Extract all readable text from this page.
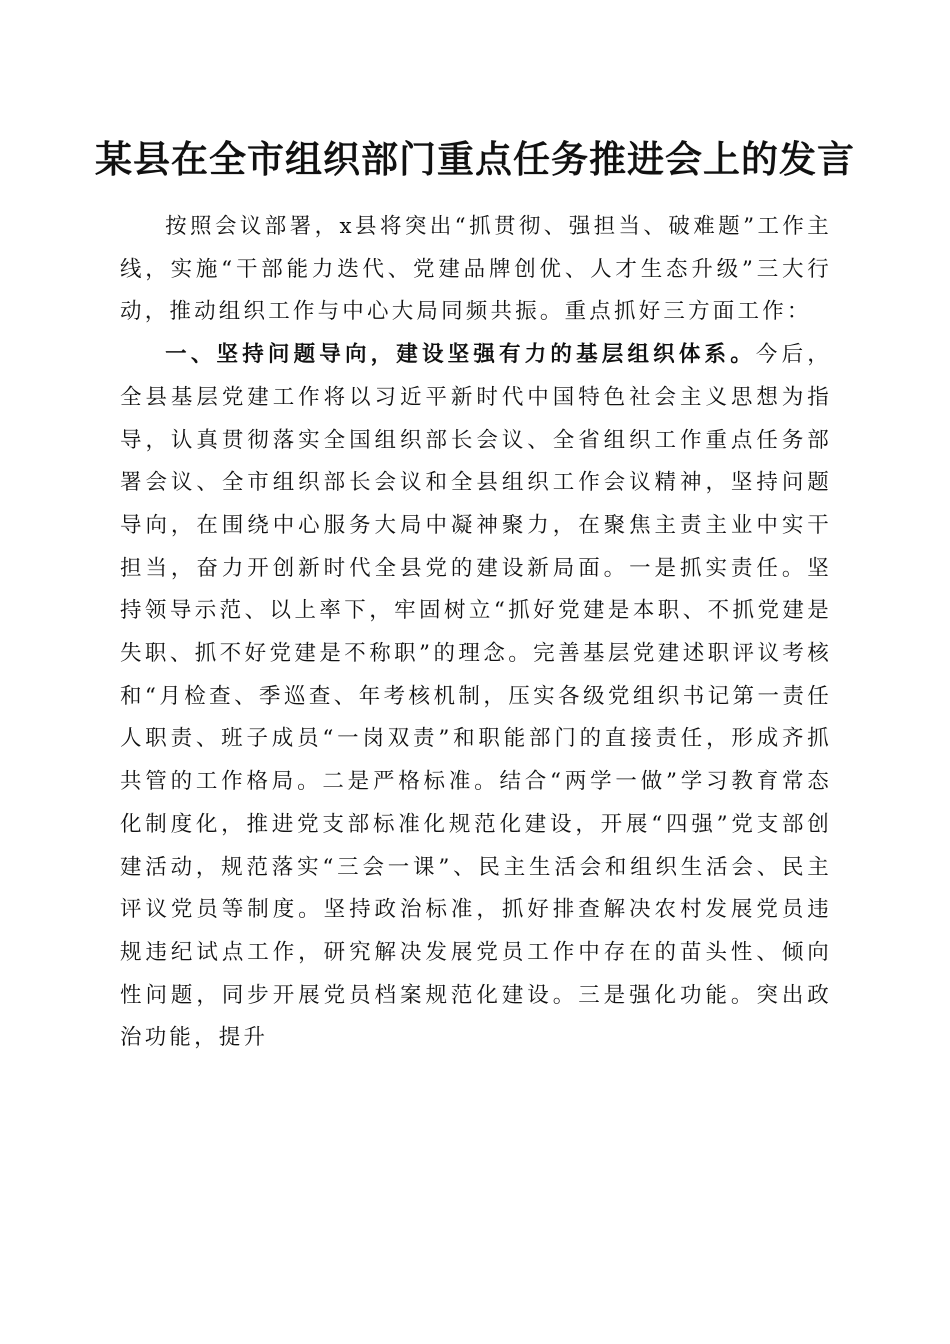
某县在全市组织部门重点任务推进会上的发言

按照会议部署，x县将突出“抓贯彻、强担当、破难题”工作主线，实施“干部能力迭代、党建品牌创优、人才生态升级”三大行动，推动组织工作与中心大局同频共振。重点抓好三方面工作：

一、坚持问题导向，建设坚强有力的基层组织体系。今后，全县基层党建工作将以习近平新时代中国特色社会主义思想为指导，认真贯彻落实全国组织部长会议、全省组织工作重点任务部署会议、全市组织部长会议和全县组织工作会议精神，坚持问题导向，在围绕中心服务大局中凝神聚力，在聚焦主责主业中实干担当，奋力开创新时代全县党的建设新局面。一是抓实责任。坚持领导示范、以上率下，牢固树立“抓好党建是本职、不抓党建是失职、抓不好党建是不称职”的理念。完善基层党建述职评议考核和“月检查、季巡查、年考核机制，压实各级党组织书记第一责任人职责、班子成员“一岗双责”和职能部门的直接责任，形成齐抓共管的工作格局。二是严格标准。结合“两学一做”学习教育常态化制度化，推进党支部标准化规范化建设，开展“四强”党支部创建活动，规范落实“三会一课”、民主生活会和组织生活会、民主评议党员等制度。坚持政治标准，抓好排查解决农村发展党员违规违纪试点工作，研究解决发展党员工作中存在的苗头性、倾向性问题，同步开展党员档案规范化建设。三是强化功能。突出政治功能，提升
